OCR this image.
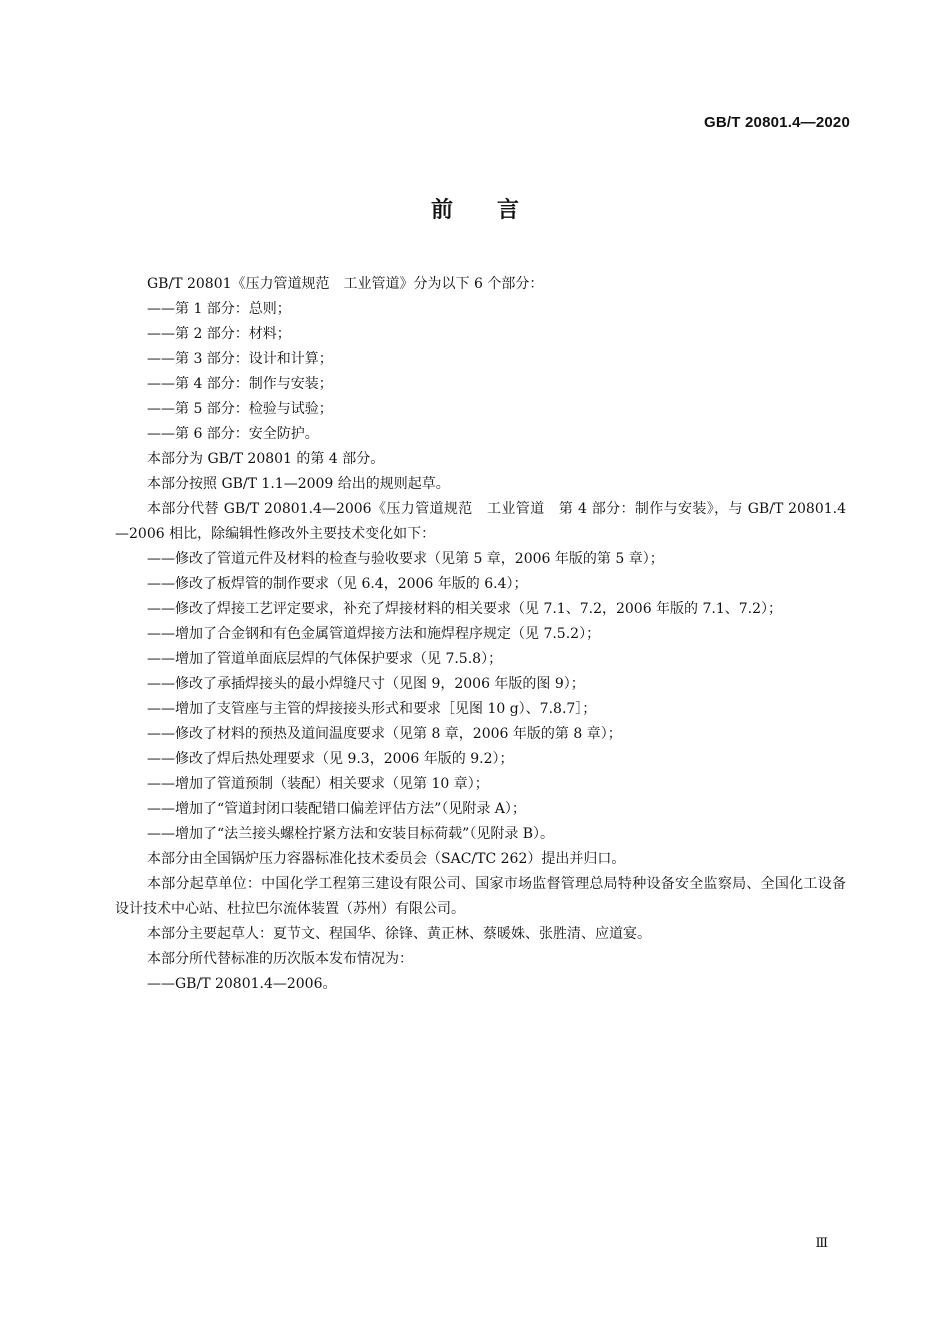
GB/T 20801.4—2020
前言
GB/T 20801《压力管道规范　工业管道》分为以下 6 个部分：
——第 1 部分：总则；
——第 2 部分：材料；
——第 3 部分：设计和计算；
——第 4 部分：制作与安装；
——第 5 部分：检验与试验；
——第 6 部分：安全防护。
本部分为 GB/T 20801 的第 4 部分。
本部分按照 GB/T 1.1—2009 给出的规则起草。
本部分代替 GB/T 20801.4—2006《压力管道规范　工业管道　第 4 部分：制作与安装》，与 GB/T 20801.4—2006 相比，除编辑性修改外主要技术变化如下：
——修改了管道元件及材料的检查与验收要求（见第 5 章，2006 年版的第 5 章）；
——修改了板焊管的制作要求（见 6.4，2006 年版的 6.4）；
——修改了焊接工艺评定要求，补充了焊接材料的相关要求（见 7.1、7.2，2006 年版的 7.1、7.2）；
——增加了合金钢和有色金属管道焊接方法和施焊程序规定（见 7.5.2）；
——增加了管道单面底层焊的气体保护要求（见 7.5.8）；
——修改了承插焊接头的最小焊缝尺寸（见图 9，2006 年版的图 9）；
——增加了支管座与主管的焊接接头形式和要求［见图 10 g）、7.8.7］；
——修改了材料的预热及道间温度要求（见第 8 章，2006 年版的第 8 章）；
——修改了焊后热处理要求（见 9.3，2006 年版的 9.2）；
——增加了管道预制（装配）相关要求（见第 10 章）；
——增加了“管道封闭口装配错口偏差评估方法”（见附录 A）；
——增加了“法兰接头螺栓拧紧方法和安装目标荷载”（见附录 B）。
本部分由全国锅炉压力容器标准化技术委员会（SAC/TC 262）提出并归口。
本部分起草单位：中国化学工程第三建设有限公司、国家市场监督管理总局特种设备安全监察局、全国化工设备设计技术中心站、杜拉巴尔流体装置（苏州）有限公司。
本部分主要起草人：夏节文、程国华、徐锋、黄正林、蔡暖姝、张胜清、应道宴。
本部分所代替标准的历次版本发布情况为：
——GB/T 20801.4—2006。
Ⅲ
